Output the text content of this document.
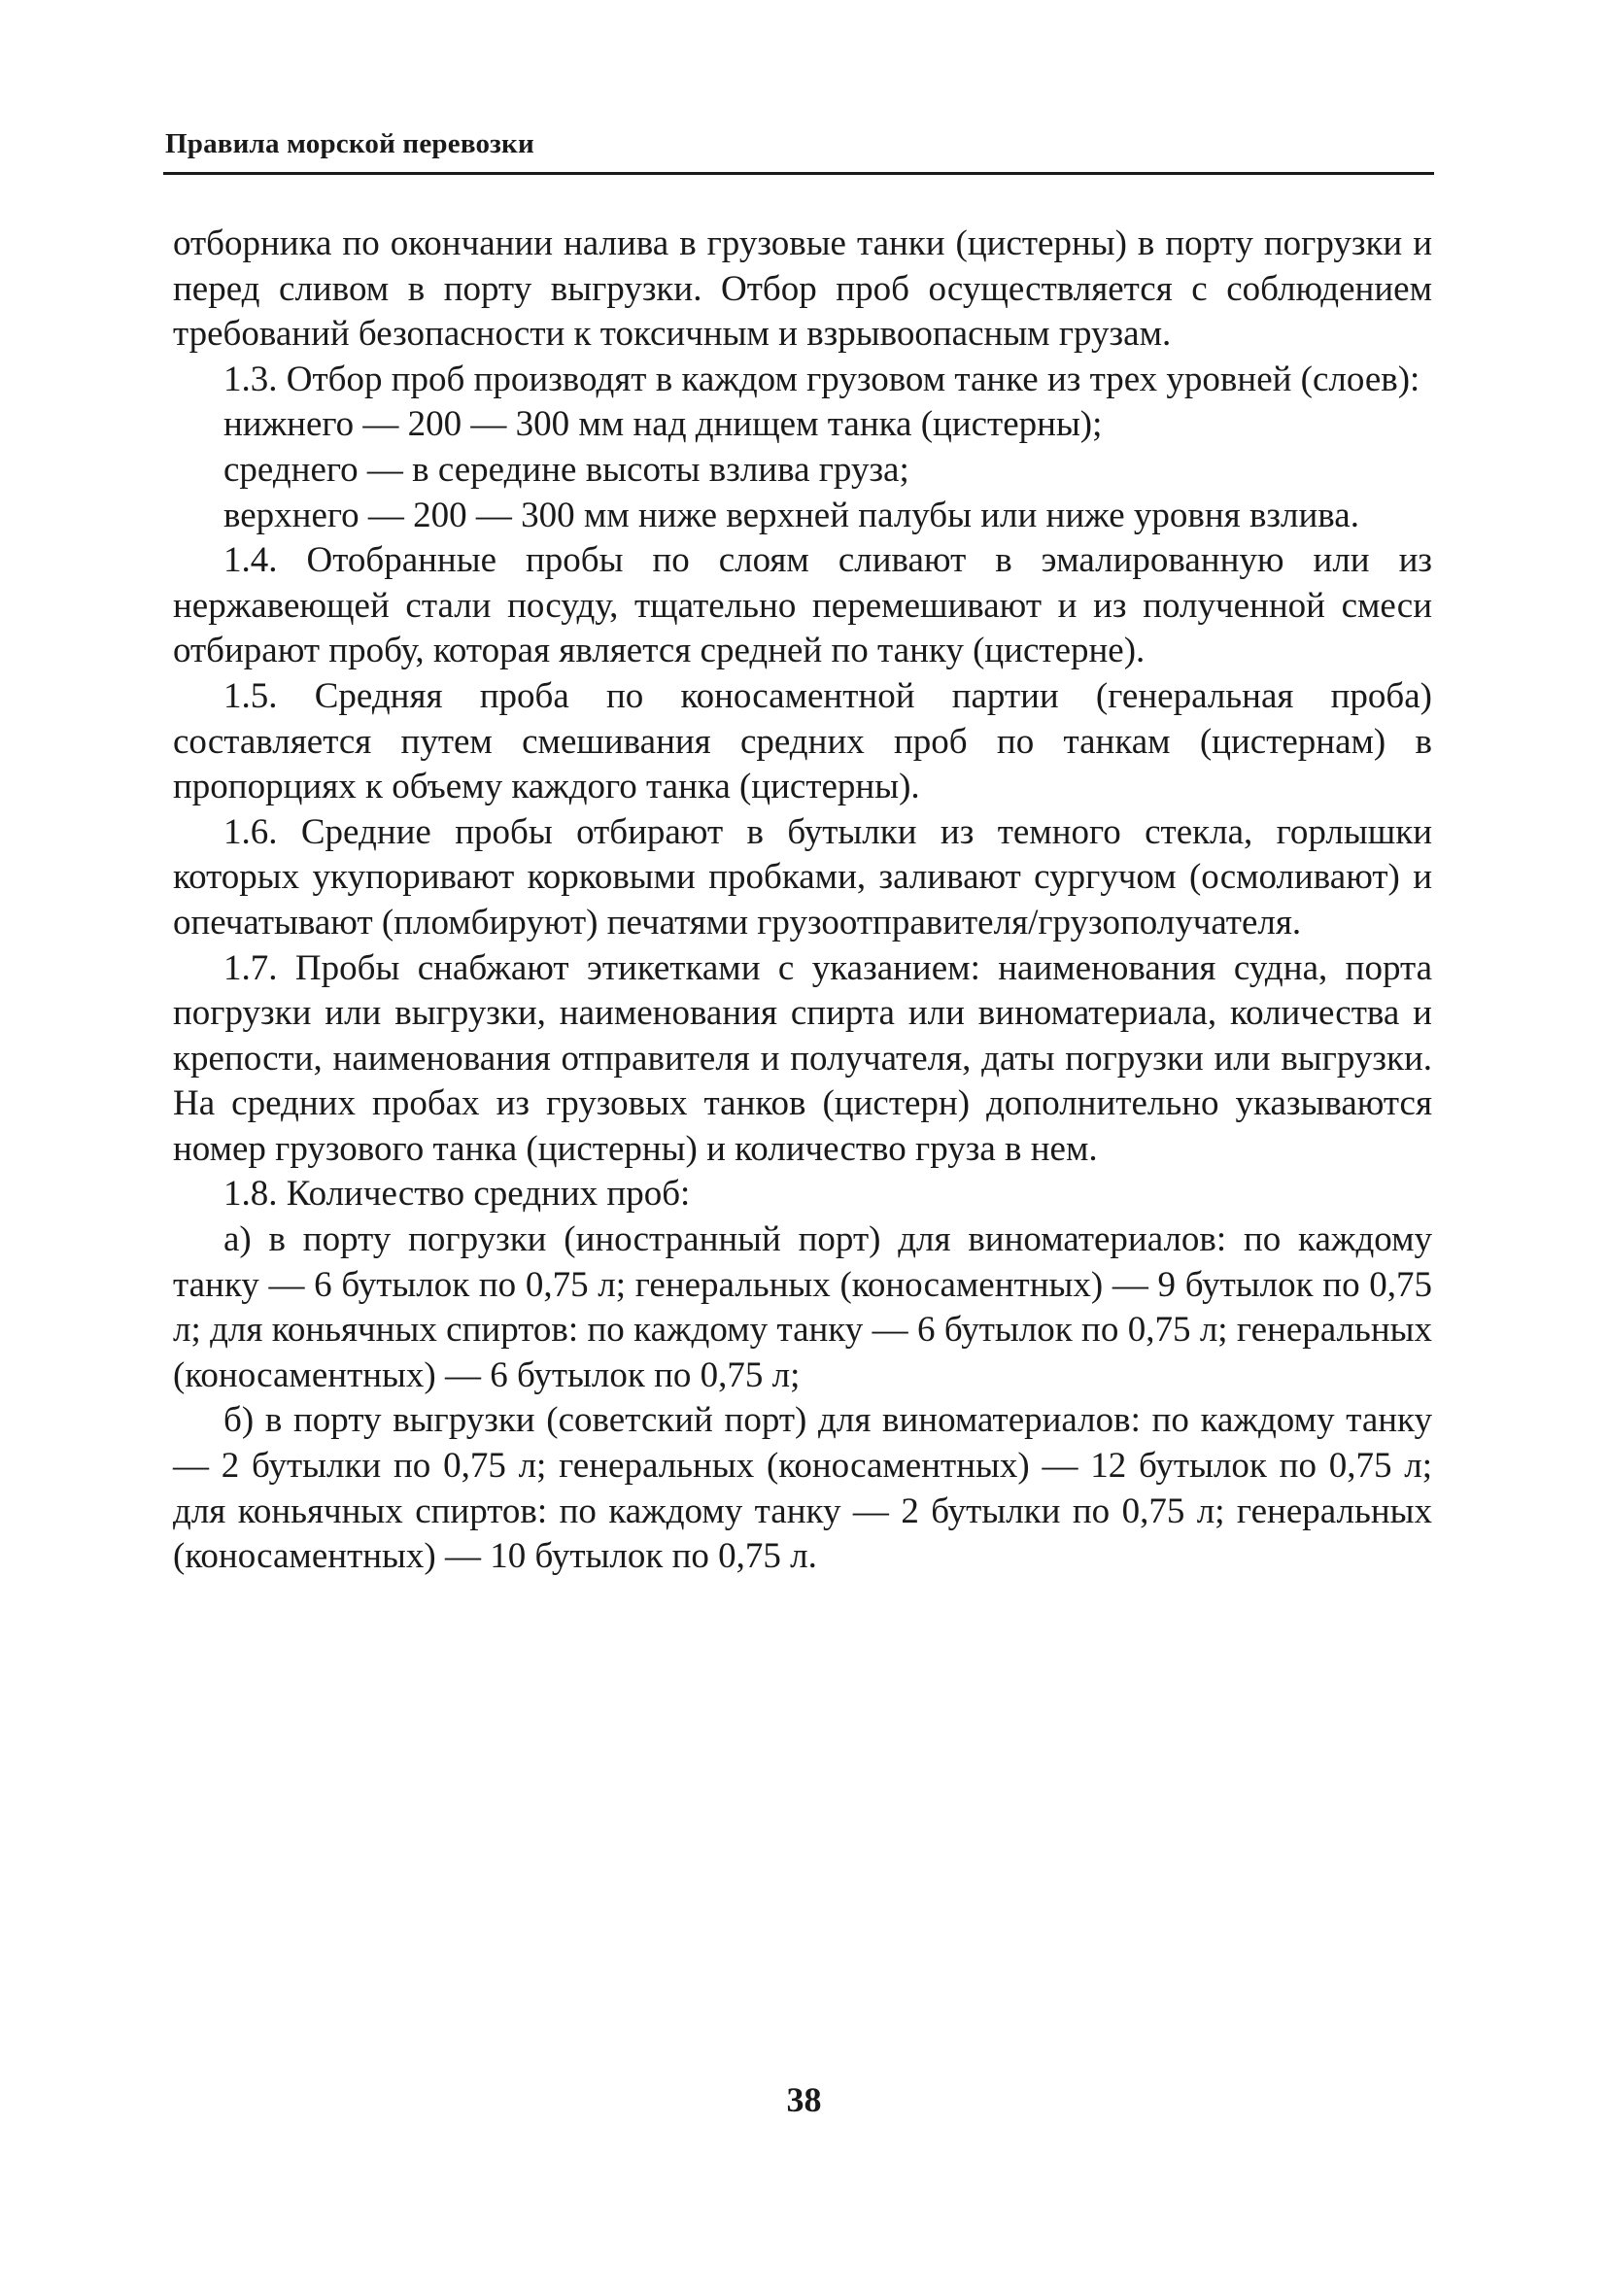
Правила морской перевозки

отборника по окончании налива в грузовые танки (цистерны) в порту погрузки и перед сливом в порту выгрузки. Отбор проб осуществляется с соблюдением требований безопасности к токсичным и взрывоопасным грузам.

1.3. Отбор проб производят в каждом грузовом танке из трех уровней (слоев):

нижнего — 200 — 300 мм над днищем танка (цистерны);

среднего — в середине высоты взлива груза;

верхнего — 200 — 300 мм ниже верхней палубы или ниже уровня взлива.

1.4. Отобранные пробы по слоям сливают в эмалированную или из нержавеющей стали посуду, тщательно перемешивают и из полученной смеси отбирают пробу, которая является средней по танку (цистерне).

1.5. Средняя проба по коносаментной партии (генеральная проба) составляется путем смешивания средних проб по танкам (цистернам) в пропорциях к объему каждого танка (цистерны).

1.6. Средние пробы отбирают в бутылки из темного стекла, горлышки которых укупоривают корковыми пробками, заливают сургучом (осмоливают) и опечатывают (пломбируют) печатями грузоотправителя/грузополучателя.

1.7. Пробы снабжают этикетками с указанием: наименования судна, порта погрузки или выгрузки, наименования спирта или виноматериала, количества и крепости, наименования отправителя и получателя, даты погрузки или выгрузки. На средних пробах из грузовых танков (цистерн) дополнительно указываются номер грузового танка (цистерны) и количество груза в нем.

1.8. Количество средних проб:

а) в порту погрузки (иностранный порт) для виноматериалов: по каждому танку — 6 бутылок по 0,75 л; генеральных (коносаментных) — 9 бутылок по 0,75 л; для коньячных спиртов: по каждому танку — 6 бутылок по 0,75 л; генеральных (коносаментных) — 6 бутылок по 0,75 л;

б) в порту выгрузки (советский порт) для виноматериалов: по каждому танку — 2 бутылки по 0,75 л; генеральных (коносаментных) — 12 бутылок по 0,75 л; для коньячных спиртов: по каждому танку — 2 бутылки по 0,75 л; генеральных (коносаментных) — 10 бутылок по 0,75 л.

38
